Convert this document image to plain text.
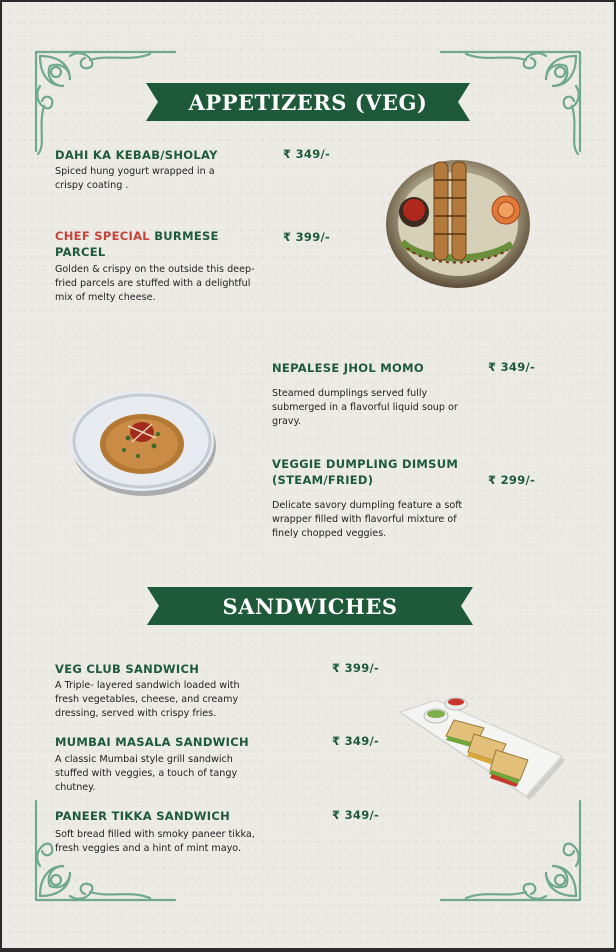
APPETIZERS (VEG)
DAHI KA KEBAB/SHOLAY	₹ 349/-
Spiced hung yogurt wrapped in a crispy coating .
CHEF SPECIAL BURMESE PARCEL
₹ 399/-
Golden & crispy on the outside this deep-fried parcels are stuffed with a delightful mix of melty cheese.
NEPALESE JHOL MOMO	₹ 349/-
Steamed dumplings served fully submerged in a flavorful liquid soup or gravy.
VEGGIE DUMPLING DIMSUM (STEAM/FRIED)	₹ 299/-
Delicate savory dumpling feature a soft wrapper filled with flavorful mixture of finely chopped veggies.
SANDWICHES
VEG CLUB SANDWICH	₹ 399/-
A Triple- layered sandwich loaded with fresh vegetables, cheese, and creamy dressing, served with crispy fries.
MUMBAI MASALA SANDWICH	₹ 349/-
A classic Mumbai style grill sandwich stuffed with veggies, a touch of tangy chutney.
PANEER TIKKA SANDWICH	₹ 349/-
Soft bread filled with smoky paneer tikka, fresh veggies and a hint of mint mayo.
